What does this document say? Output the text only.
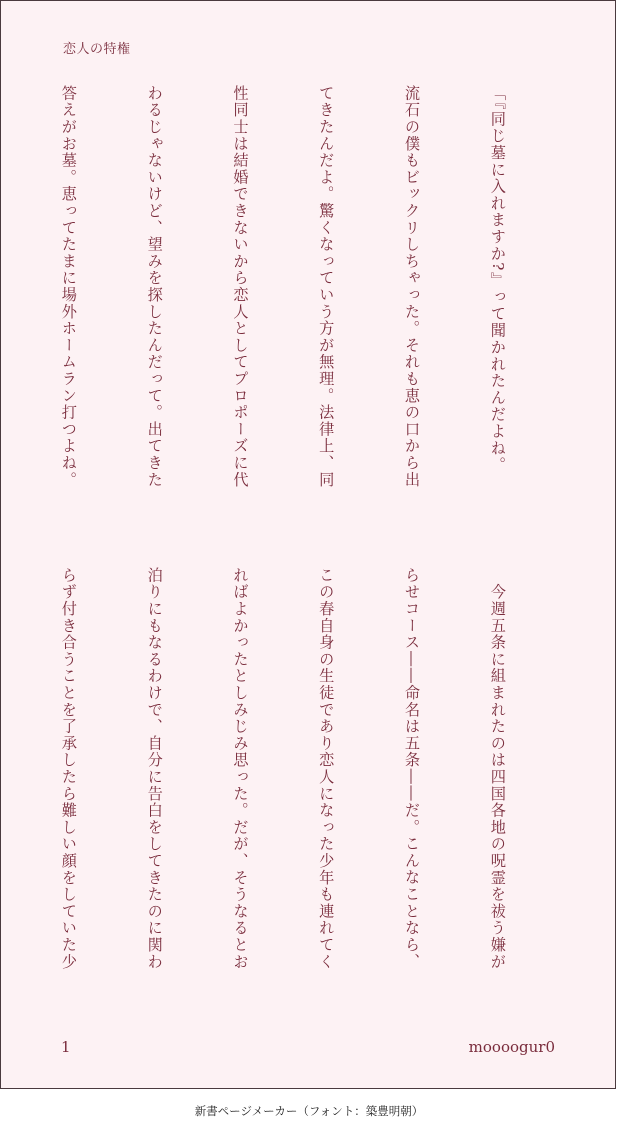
恋人の特権

「『同じ墓に入れますか?』って聞かれたんだよね。

流石の僕もビックリしちゃった。それも恵の口から出

てきたんだよ。驚くなっていう方が無理。法律上、同

性同士は結婚できないから恋人としてプロポーズに代

わるじゃないけど、望みを探したんだって。出てきた

答えがお墓。恵ってたまに場外ホームラン打つよね。

　今週五条に組まれたのは四国各地の呪霊を祓う嫌が

らせコース――命名は五条――だ。こんなことなら、

この春自身の生徒であり恋人になった少年も連れてく

ればよかったとしみじみ思った。だが、そうなるとお

泊りにもなるわけで、自分に告白をしてきたのに関わ

らず付き合うことを了承したら難しい顔をしていた少

1	moooogur0
新書ページメーカー（フォント：築豊明朝）
